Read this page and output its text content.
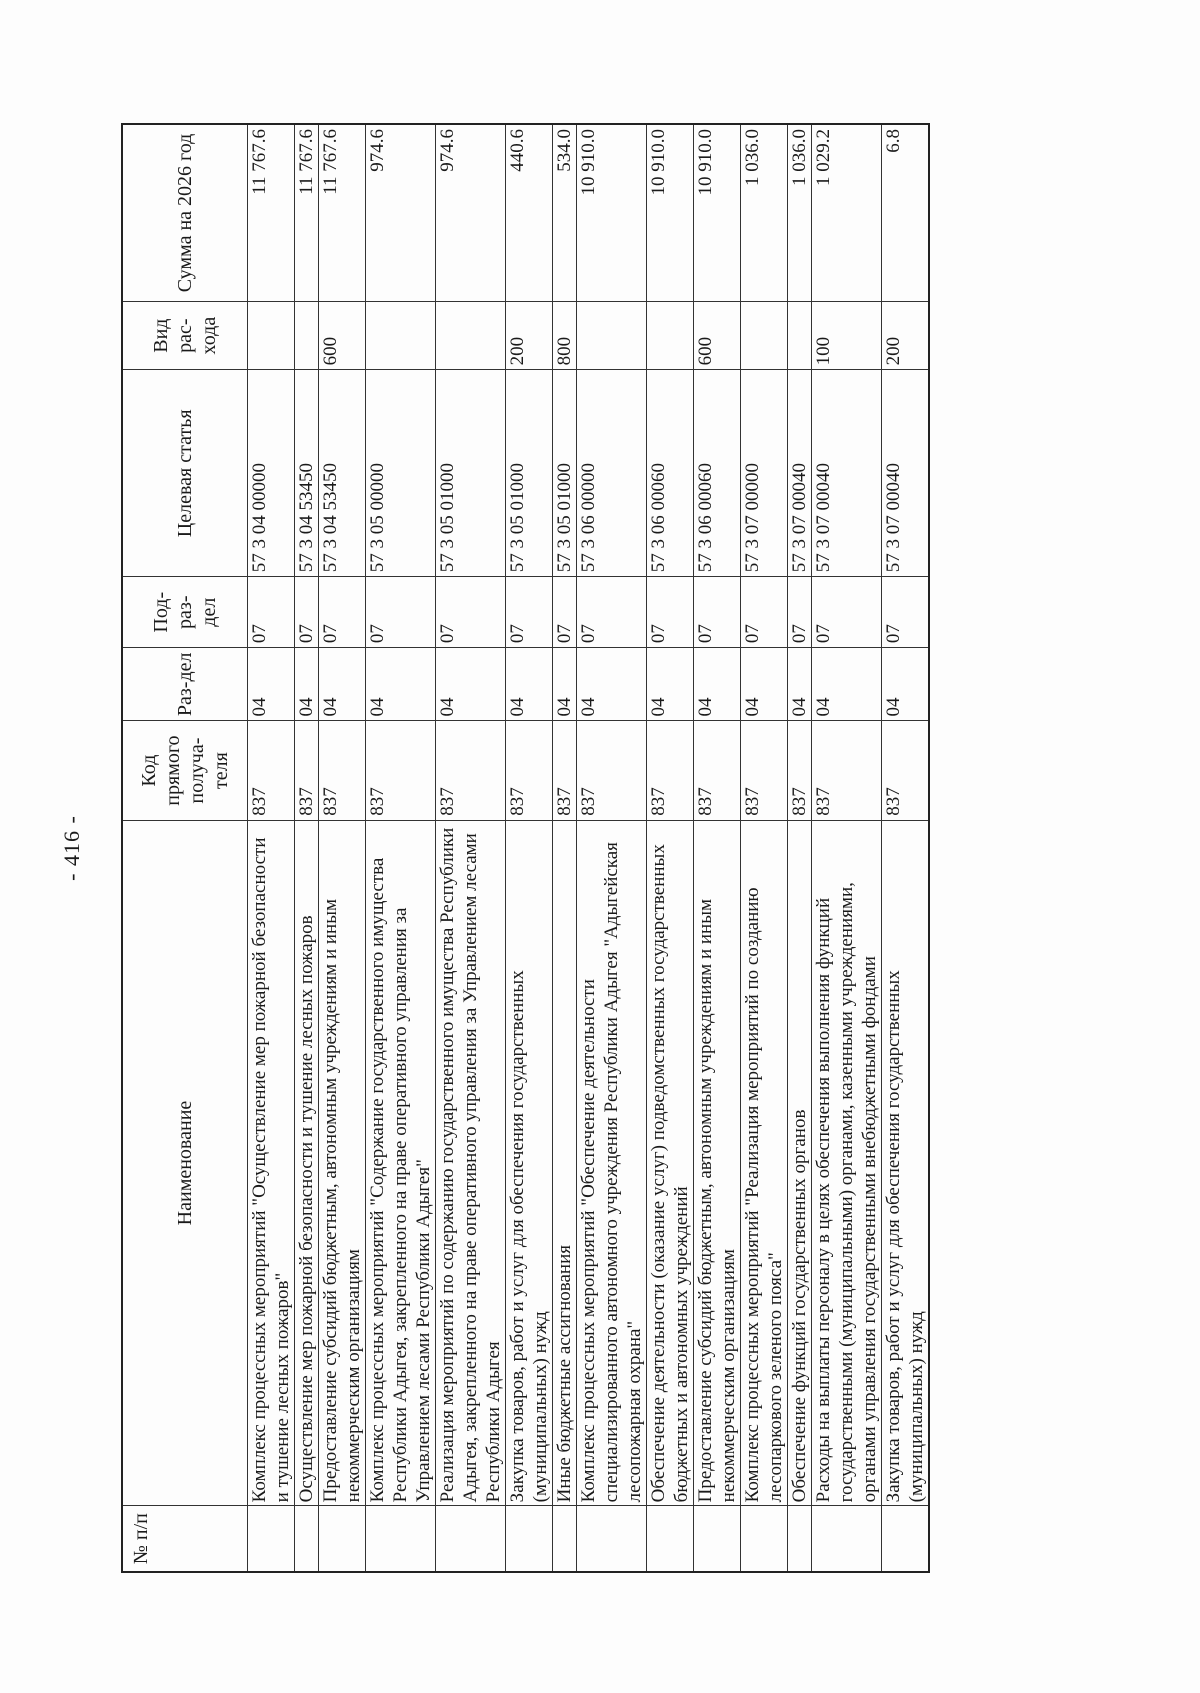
- 416 -
№ п/п	Наименование	Код прямого получа-теля	Раз-дел	Под-раз-дел	Целевая статья	Вид рас-хода	Сумма на 2026 год
	Комплекс процессных мероприятий "Осуществление мер пожарной безопасности и тушение лесных пожаров"	837	04	07	57 3 04 00000		11 767.6
	Осуществление мер пожарной безопасности и тушение лесных пожаров	837	04	07	57 3 04 53450		11 767.6
	Предоставление субсидий бюджетным, автономным учреждениям и иным некоммерческим организациям	837	04	07	57 3 04 53450	600	11 767.6
	Комплекс процессных мероприятий "Содержание государственного имущества Республики Адыгея, закрепленного на праве оперативного управления за Управлением лесами Республики Адыгея"	837	04	07	57 3 05 00000		974.6
	Реализация мероприятий по содержанию государственного имущества Республики Адыгея, закрепленного на праве оперативного управления за Управлением лесами Республики Адыгея	837	04	07	57 3 05 01000		974.6
	Закупка товаров, работ и услуг для обеспечения государственных (муниципальных) нужд	837	04	07	57 3 05 01000	200	440.6
	Иные бюджетные ассигнования	837	04	07	57 3 05 01000	800	534.0
	Комплекс процессных мероприятий "Обеспечение деятельности специализированного автономного учреждения Республики Адыгея "Адыгейская лесопожарная охрана"	837	04	07	57 3 06 00000		10 910.0
	Обеспечение деятельности (оказание услуг) подведомственных государственных бюджетных и автономных учреждений	837	04	07	57 3 06 00060		10 910.0
	Предоставление субсидий бюджетным, автономным учреждениям и иным некоммерческим организациям	837	04	07	57 3 06 00060	600	10 910.0
	Комплекс процессных мероприятий "Реализация мероприятий по созданию лесопаркового зеленого пояса"	837	04	07	57 3 07 00000		1 036.0
	Обеспечение функций государственных органов	837	04	07	57 3 07 00040		1 036.0
	Расходы на выплаты персоналу в целях обеспечения выполнения функций государственными (муниципальными) органами, казенными учреждениями, органами управления государственными внебюджетными фондами	837	04	07	57 3 07 00040	100	1 029.2
	Закупка товаров, работ и услуг для обеспечения государственных (муниципальных) нужд	837	04	07	57 3 07 00040	200	6.8
